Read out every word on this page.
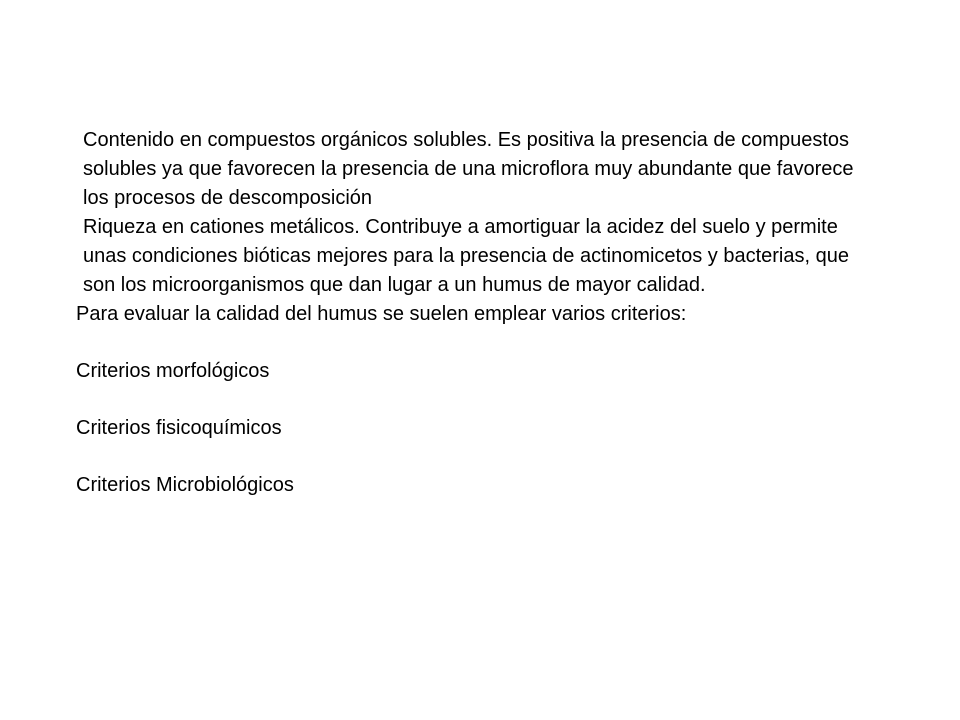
Contenido en compuestos orgánicos solubles. Es positiva la presencia de compuestos solubles ya que favorecen la presencia de una microflora muy abundante que favorece los procesos de descomposición

Riqueza en cationes metálicos. Contribuye a amortiguar la acidez del suelo y permite unas condiciones bióticas mejores para la presencia de actinomicetos y bacterias, que son los microorganismos que dan lugar a un humus de mayor calidad.

Para evaluar la calidad del humus se suelen emplear varios criterios:

Criterios morfológicos

Criterios fisicoquímicos

Criterios Microbiológicos
